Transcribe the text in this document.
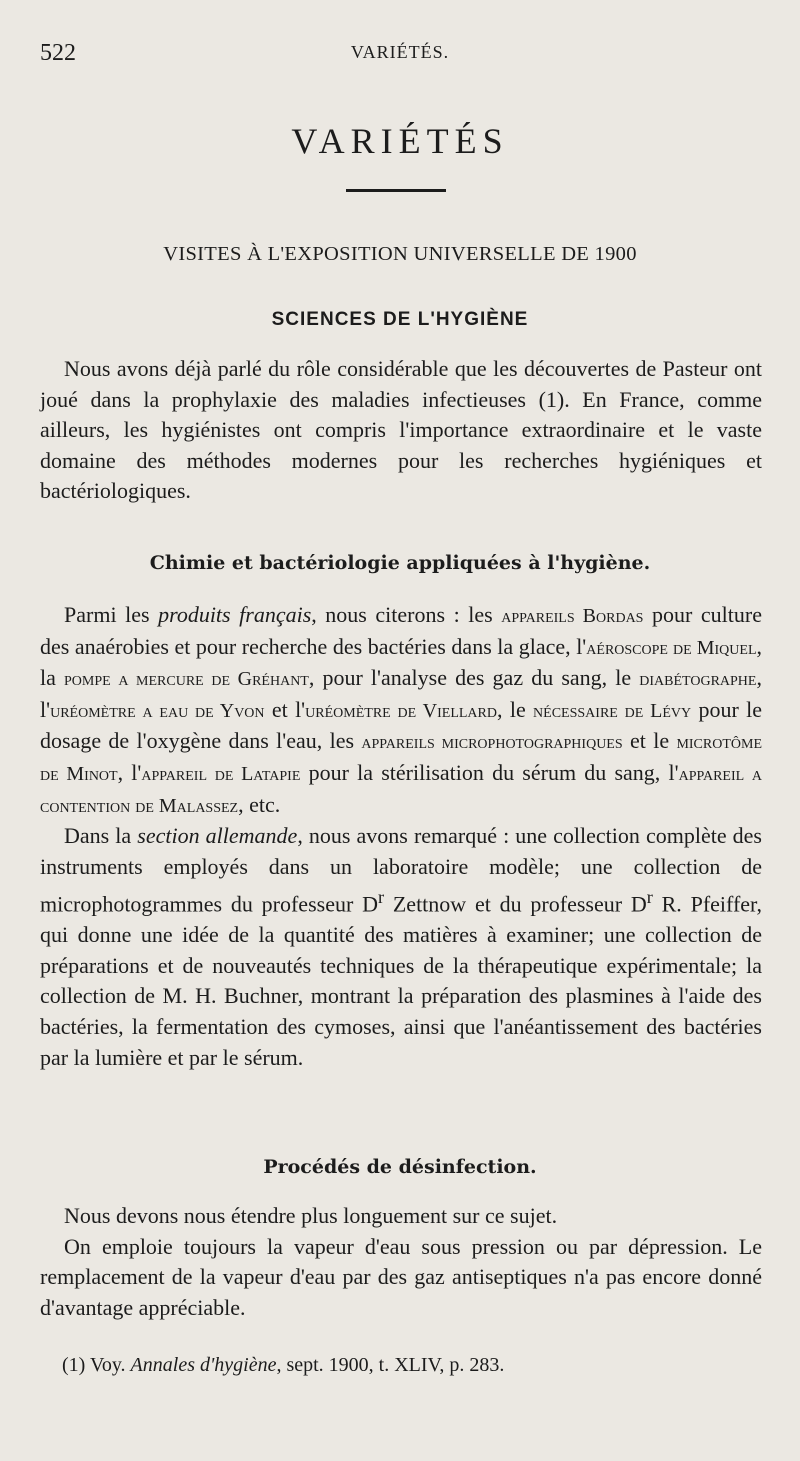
522	VARIÉTÉS.
VARIÉTÉS
VISITES À L'EXPOSITION UNIVERSELLE DE 1900
SCIENCES DE L'HYGIÈNE

Nous avons déjà parlé du rôle considérable que les découvertes de Pasteur ont joué dans la prophylaxie des maladies infectieuses (1). En France, comme ailleurs, les hygiénistes ont compris l'importance extraordinaire et le vaste domaine des méthodes modernes pour les recherches hygiéniques et bactériologiques.

Chimie et bactériologie appliquées à l'hygiène.

Parmi les produits français, nous citerons : les appareils Bordas pour culture des anaérobies et pour recherche des bactéries dans la glace, l'aéroscope de Miquel, la pompe a mercure de Gréhant, pour l'analyse des gaz du sang, le diabétographe, l'uréomètre a eau de Yvon et l'uréomètre de Viellard, le nécessaire de Lévy pour le dosage de l'oxygène dans l'eau, les appareils microphotographiques et le microtôme de Minot, l'appareil de Latapie pour la stérilisation du sérum du sang, l'appareil a contention de Malassez, etc.

Dans la section allemande, nous avons remarqué : une collection complète des instruments employés dans un laboratoire modèle; une collection de microphotogrammes du professeur $D^r$ Zettnow et du professeur $D^r$ R. Pfeiffer, qui donne une idée de la quantité des matières à examiner; une collection de préparations et de nouveautés techniques de la thérapeutique expérimentale; la collection de M. H. Buchner, montrant la préparation des plasmines à l'aide des bactéries, la fermentation des cymoses, ainsi que l'anéantissement des bactéries par la lumière et par le sérum.

Procédés de désinfection.

Nous devons nous étendre plus longuement sur ce sujet.

On emploie toujours la vapeur d'eau sous pression ou par dépression. Le remplacement de la vapeur d'eau par des gaz antiseptiques n'a pas encore donné d'avantage appréciable.

(1) Voy. Annales d'hygiène, sept. 1900, t. XLIV, p. 283.
